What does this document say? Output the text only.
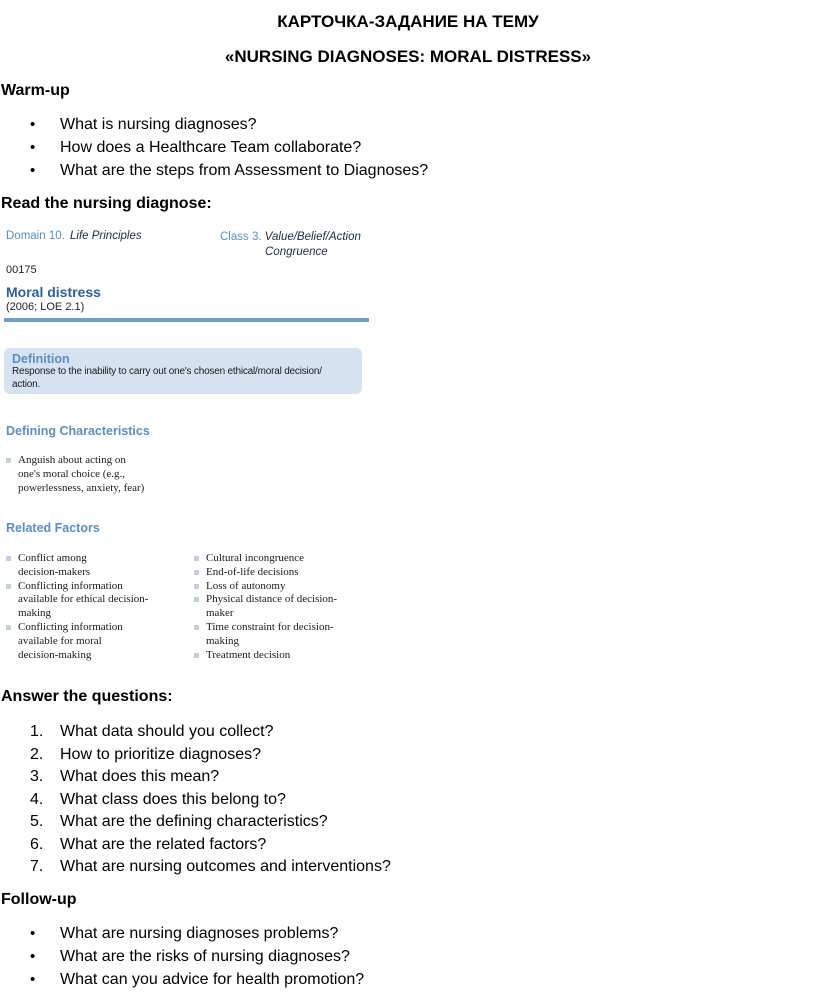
КАРТОЧКА-ЗАДАНИЕ НА ТЕМУ
«NURSING DIAGNOSES: MORAL DISTRESS»
Warm-up
• What is nursing diagnoses?
• How does a Healthcare Team collaborate?
• What are the steps from Assessment to Diagnoses?
Read the nursing diagnose:
Domain 10. Life Principles	Class 3. Value/Belief/Action
Congruence
00175
Moral distress
(2006; LOE 2.1)
Definition
Response to the inability to carry out one's chosen ethical/moral decision/
action.
Defining Characteristics
Anguish about acting on
one's moral choice (e.g.,
powerlessness, anxiety, fear)
Related Factors
Conflict among
decision-makers
Conflicting information
available for ethical decision-
making
Conflicting information
available for moral
decision-making
Cultural incongruence
End-of-life decisions
Loss of autonomy
Physical distance of decision-
maker
Time constraint for decision-
making
Treatment decision
Answer the questions:
1. What data should you collect?
2. How to prioritize diagnoses?
3. What does this mean?
4. What class does this belong to?
5. What are the defining characteristics?
6. What are the related factors?
7. What are nursing outcomes and interventions?
Follow-up
• What are nursing diagnoses problems?
• What are the risks of nursing diagnoses?
• What can you advice for health promotion?
